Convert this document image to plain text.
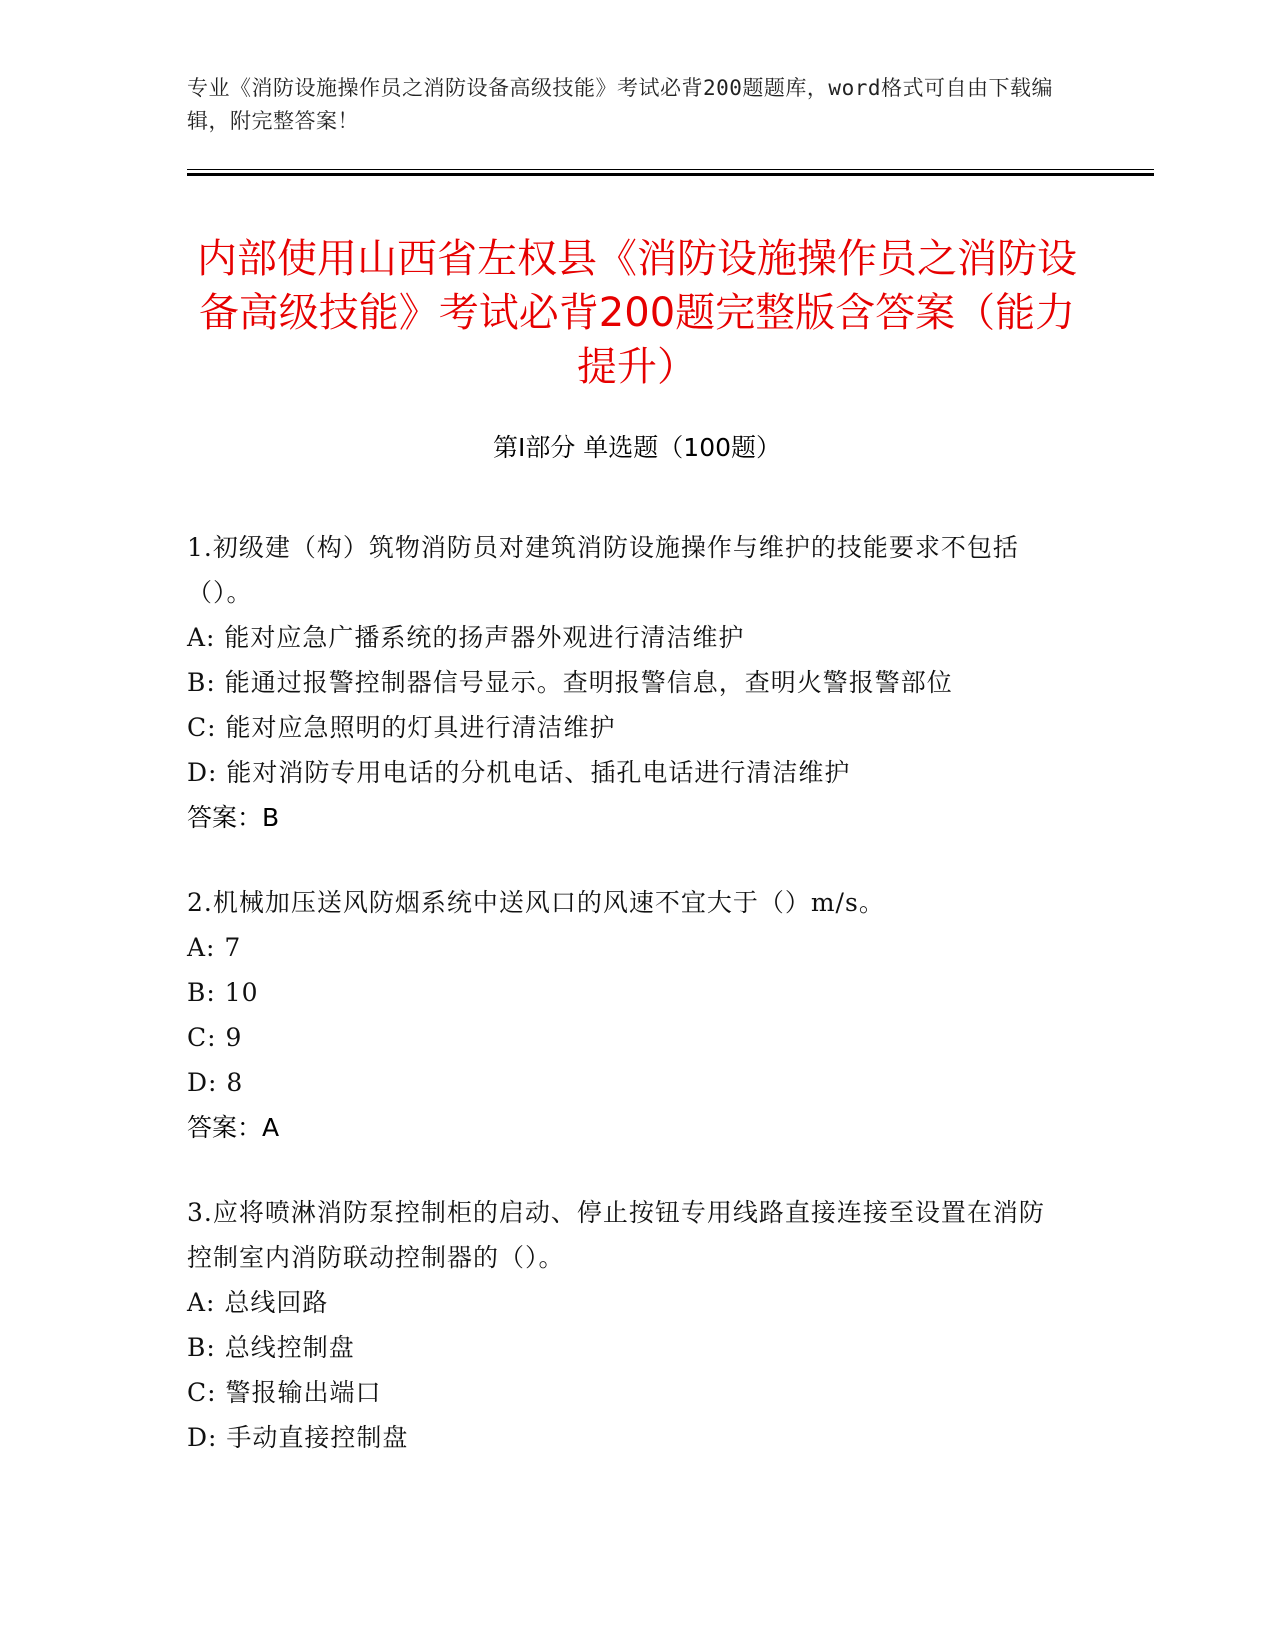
专业《消防设施操作员之消防设备高级技能》考试必背200题题库，word格式可自由下载编辑，附完整答案！
内部使用山西省左权县《消防设施操作员之消防设备高级技能》考试必背200题完整版含答案（能力提升）
第Ⅰ部分 单选题（100题）

1.初级建（构）筑物消防员对建筑消防设施操作与维护的技能要求不包括（）。

A: 能对应急广播系统的扬声器外观进行清洁维护

B: 能通过报警控制器信号显示。查明报警信息，查明火警报警部位

C: 能对应急照明的灯具进行清洁维护

D: 能对消防专用电话的分机电话、插孔电话进行清洁维护

答案：B

2.机械加压送风防烟系统中送风口的风速不宜大于（）m/s。

A: 7

B: 10

C: 9

D: 8

答案：A

3.应将喷淋消防泵控制柜的启动、停止按钮专用线路直接连接至设置在消防控制室内消防联动控制器的（）。

A: 总线回路

B: 总线控制盘

C: 警报输出端口

D: 手动直接控制盘
